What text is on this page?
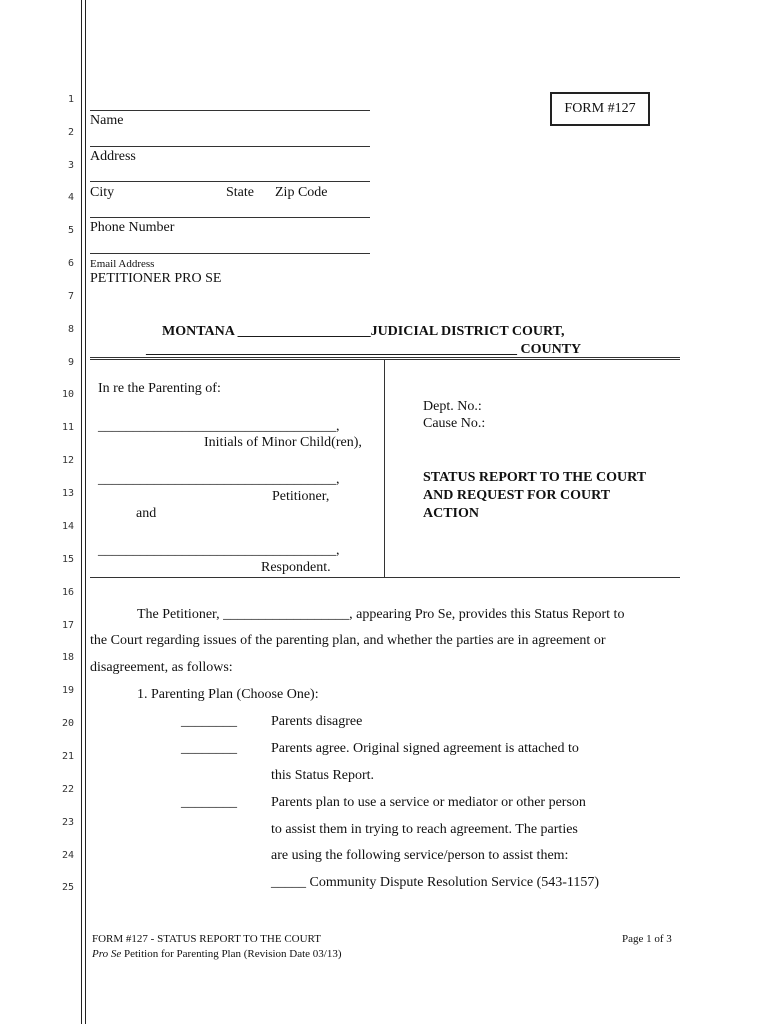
1
2
3
4
5
6
7
8
9
10
11
12
13
14
15
16
17
18
19
20
21
22
23
24
25
FORM #127
Name
Address
City	State Zip Code
Phone Number
Email Address
PETITIONER PRO SE
MONTANA ___________________JUDICIAL DISTRICT COURT,
_____________________________________________________ COUNTY
In re the Parenting of:
__________________________________,
Initials of Minor Child(ren),
__________________________________,
Petitioner,
and
__________________________________,
Respondent.
Dept. No.:
Cause No.:
STATUS REPORT TO THE COURT
AND REQUEST FOR COURT
ACTION
The Petitioner, __________________, appearing Pro Se, provides this Status Report to
the Court regarding issues of the parenting plan, and whether the parties are in agreement or
disagreement, as follows:
1. Parenting Plan (Choose One):
________ Parents disagree
________ Parents agree. Original signed agreement is attached to
this Status Report.
________ Parents plan to use a service or mediator or other person
to assist them in trying to reach agreement. The parties
are using the following service/person to assist them:
_____ Community Dispute Resolution Service (543-1157)
FORM #127 - STATUS REPORT TO THE COURT
Pro Se Petition for Parenting Plan (Revision Date 03/13)
Page 1 of 3
